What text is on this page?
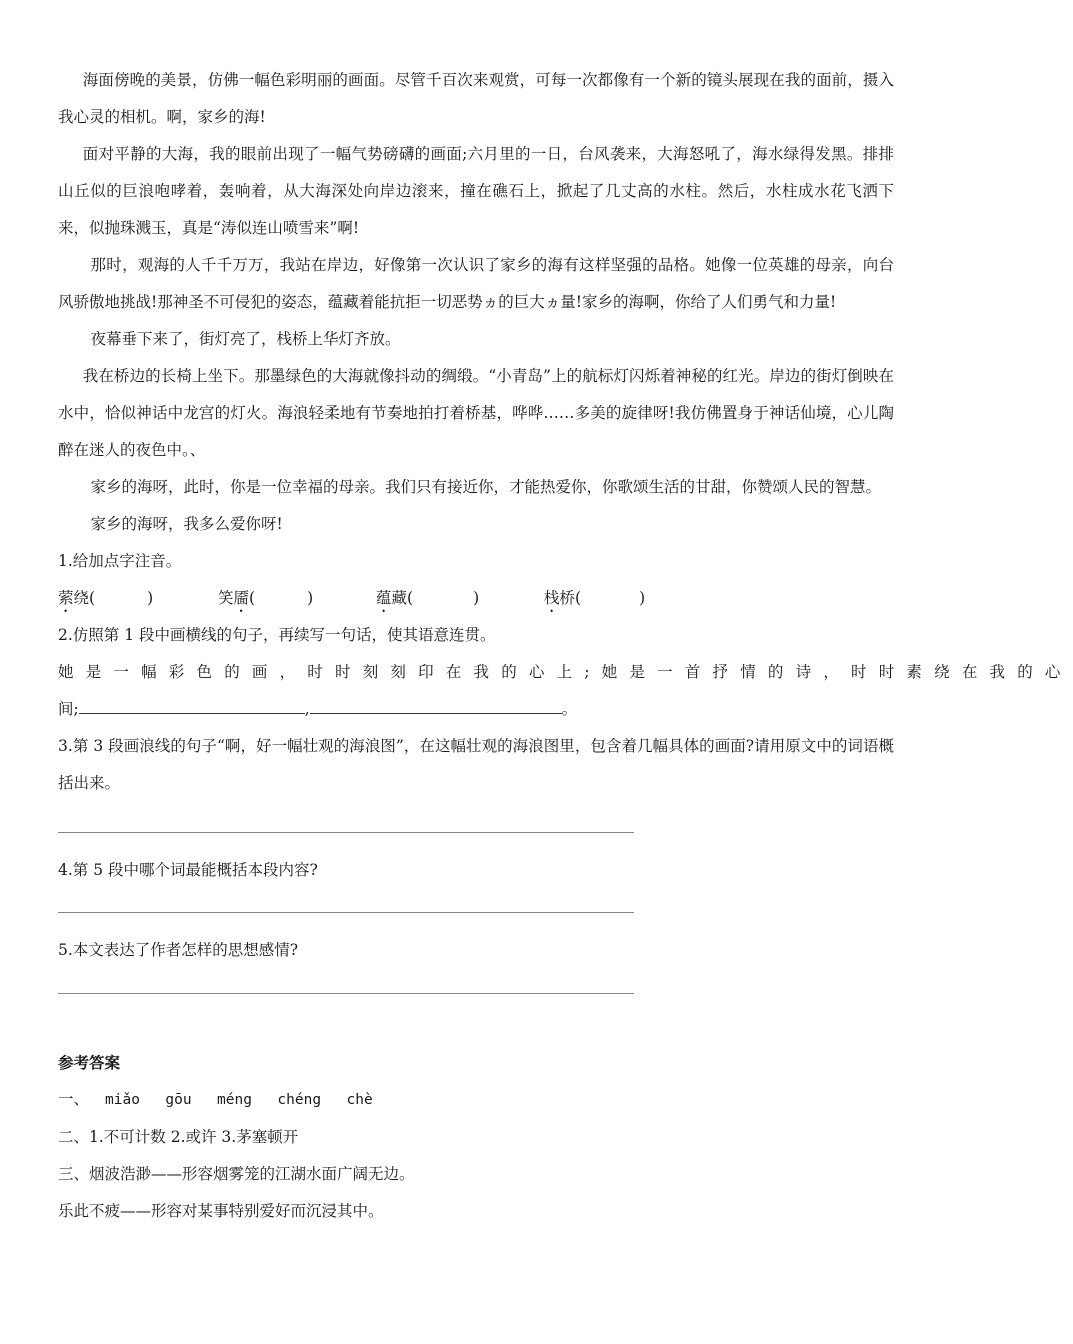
海面傍晚的美景，仿佛一幅色彩明丽的画面。尽管千百次来观赏，可每一次都像有一个新的镜头展现在我的面前，摄入我心灵的相机。啊，家乡的海!

面对平静的大海，我的眼前出现了一幅气势磅礴的画面;六月里的一日，台风袭来，大海怒吼了，海水绿得发黑。排排山丘似的巨浪咆哮着，轰响着，从大海深处向岸边滚来，撞在礁石上，掀起了几丈高的水柱。然后，水柱成水花飞洒下来，似抛珠溅玉，真是“涛似连山喷雪来”啊!

那时，观海的人千千万万，我站在岸边，好像第一次认识了家乡的海有这样坚强的品格。她像一位英雄的母亲，向台风骄傲地挑战!那神圣不可侵犯的姿态，蕴藏着能抗拒一切恶势ヵ的巨大ヵ量!家乡的海啊，你给了人们勇气和力量!

夜幕垂下来了，街灯亮了，栈桥上华灯齐放。

我在桥边的长椅上坐下。那墨绿色的大海就像抖动的绸缎。“小青岛”上的航标灯闪烁着神秘的红光。岸边的街灯倒映在水中，恰似神话中龙宫的灯火。海浪轻柔地有节奏地拍打着桥基，哗哗……多美的旋律呀!我仿佛置身于神话仙境，心儿陶醉在迷人的夜色中。、

家乡的海呀，此时，你是一位幸福的母亲。我们只有接近你，才能热爱你，你歌颂生活的甘甜，你赞颂人民的智慧。

家乡的海呀，我多么爱你呀!

1.给加点字注音。

萦绕(	)	笑靥(	)	蕴藏(	)	栈桥(	)

2.仿照第 1 段中画横线的句子，再续写一句话，使其语意连贯。

她是一幅彩色的画，时时刻刻印在我的心上;她是一首抒情的诗，时时素绕在我的心

间;	,	。

3.第 3 段画浪线的句子“啊，好一幅壮观的海浪图”，在这幅壮观的海浪图里，包含着几幅具体的画面?请用原文中的词语概括出来。

4.第 5 段中哪个词最能概括本段内容?

5.本文表达了作者怎样的思想感情?

参考答案

一、 miǎo  gōu  méng  chéng  chè

二、1.不可计数 2.或许 3.茅塞顿开

三、烟波浩渺——形容烟雾笼的江湖水面广阔无边。

乐此不疲——形容对某事特别爱好而沉浸其中。
